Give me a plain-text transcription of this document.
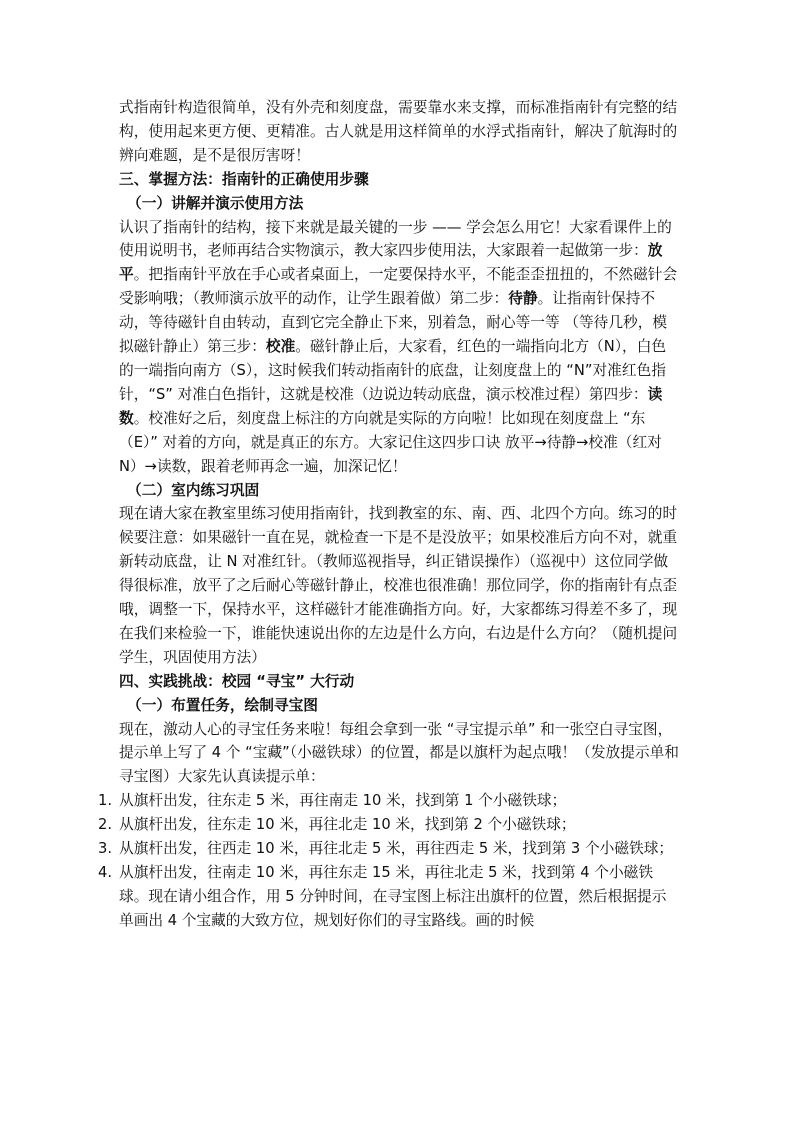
式指南针构造很简单，没有外壳和刻度盘，需要靠水来支撑，而标准指南针有完整的结构，使用起来更方便、更精准。古人就是用这样简单的水浮式指南针，解决了航海时的辨向难题，是不是很厉害呀！

三、掌握方法：指南针的正确使用步骤

（一）讲解并演示使用方法

认识了指南针的结构，接下来就是最关键的一步 —— 学会怎么用它！大家看课件上的使用说明书，老师再结合实物演示，教大家四步使用法，大家跟着一起做第一步：放平。把指南针平放在手心或者桌面上，一定要保持水平，不能歪歪扭扭的，不然磁针会受影响哦；（教师演示放平的动作，让学生跟着做）第二步：待静。让指南针保持不动，等待磁针自由转动，直到它完全静止下来，别着急，耐心等一等 （等待几秒，模拟磁针静止）第三步：校准。磁针静止后，大家看，红色的一端指向北方（N），白色的一端指向南方（S），这时候我们转动指南针的底盘，让刻度盘上的 “N”对准红色指针，“S” 对准白色指针，这就是校准（边说边转动底盘，演示校准过程）第四步：读数。校准好之后，刻度盘上标注的方向就是实际的方向啦！比如现在刻度盘上 “东（E）” 对着的方向，就是真正的东方。大家记住这四步口诀 放平→待静→校准（红对 N）→读数，跟着老师再念一遍，加深记忆！

（二）室内练习巩固

现在请大家在教室里练习使用指南针，找到教室的东、南、西、北四个方向。练习的时候要注意：如果磁针一直在晃，就检查一下是不是没放平；如果校准后方向不对，就重新转动底盘，让 N 对准红针。（教师巡视指导，纠正错误操作）（巡视中）这位同学做得很标准，放平了之后耐心等磁针静止，校准也很准确！那位同学，你的指南针有点歪哦，调整一下，保持水平，这样磁针才能准确指方向。好，大家都练习得差不多了，现在我们来检验一下，谁能快速说出你的左边是什么方向，右边是什么方向？（随机提问学生，巩固使用方法）

四、实践挑战：校园 “寻宝” 大行动

（一）布置任务，绘制寻宝图

现在，激动人心的寻宝任务来啦！每组会拿到一张 “寻宝提示单” 和一张空白寻宝图，提示单上写了 4 个 “宝藏”（小磁铁球）的位置，都是以旗杆为起点哦！（发放提示单和寻宝图）大家先认真读提示单：

1. 从旗杆出发，往东走 5 米，再往南走 10 米，找到第 1 个小磁铁球；
2. 从旗杆出发，往东走 10 米，再往北走 10 米，找到第 2 个小磁铁球；
3. 从旗杆出发，往西走 10 米，再往北走 5 米，再往西走 5 米，找到第 3 个小磁铁球；
4. 从旗杆出发，往南走 10 米，再往东走 15 米，再往北走 5 米，找到第 4 个小磁铁球。现在请小组合作，用 5 分钟时间，在寻宝图上标注出旗杆的位置，然后根据提示单画出 4 个宝藏的大致方位，规划好你们的寻宝路线。画的时候
